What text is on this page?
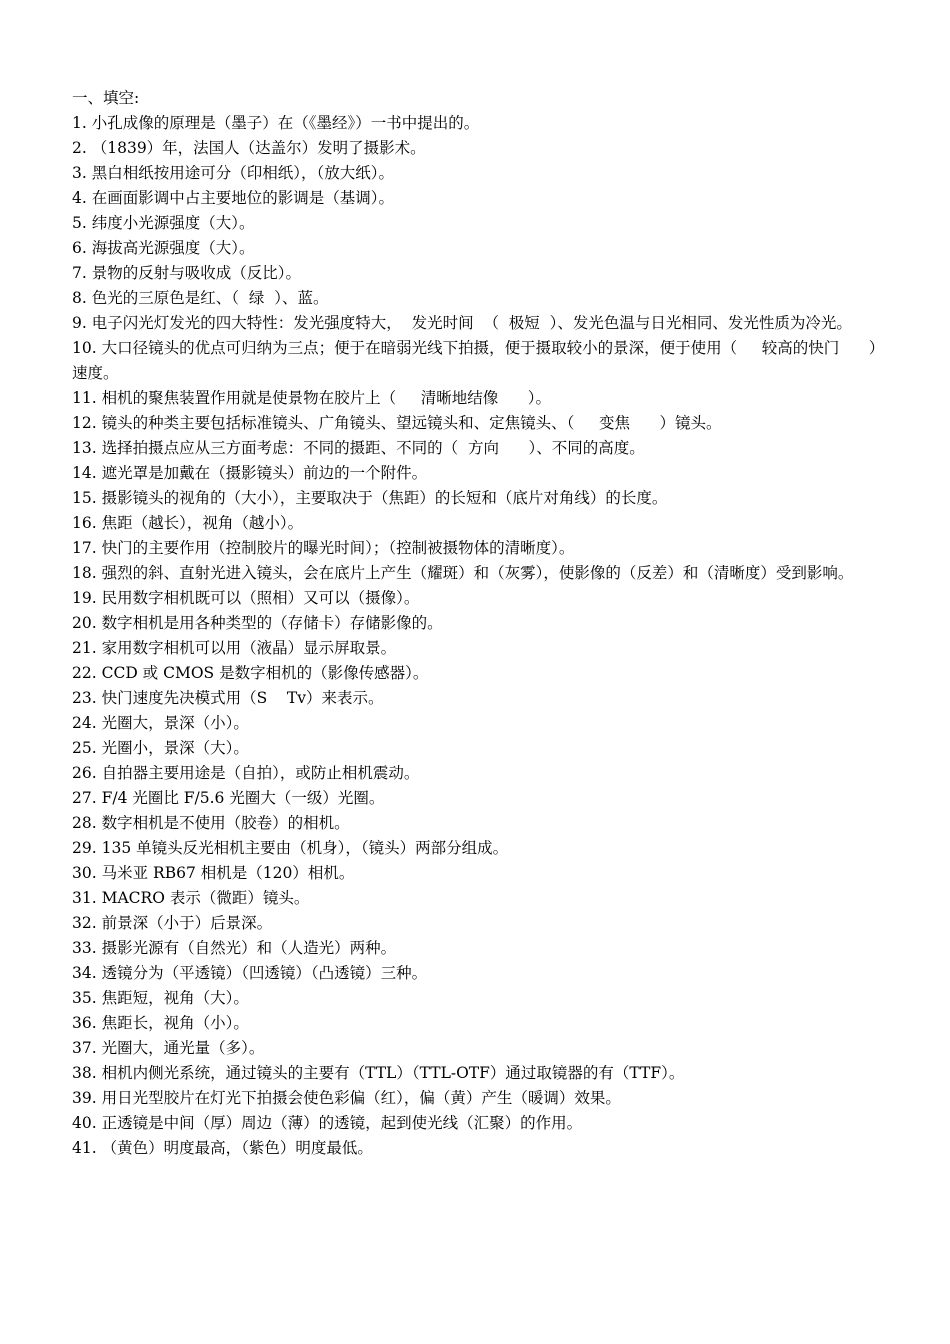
一、填空:
1. 小孔成像的原理是（墨子）在（《墨经》）一书中提出的。
2. （1839）年，法国人（达盖尔）发明了摄影术。
3. 黑白相纸按用途可分（印相纸），（放大纸）。
4. 在画面影调中占主要地位的影调是（基调）。
5. 纬度小光源强度（大）。
6. 海拔高光源强度（大）。
7. 景物的反射与吸收成（反比）。
8. 色光的三原色是红、（  绿  ）、蓝。
9. 电子闪光灯发光的四大特性：发光强度特大，  发光时间  （  极短  ）、发光色温与日光相同、发光性质为冷光。
10. 大口径镜头的优点可归纳为三点；便于在暗弱光线下拍摄，便于摄取较小的景深，便于使用（     较高的快门      ）速度。
11. 相机的聚焦装置作用就是使景物在胶片上（     清晰地结像      ）。
12. 镜头的种类主要包括标准镜头、广角镜头、望远镜头和、定焦镜头、（     变焦      ）镜头。
13. 选择拍摄点应从三方面考虑：不同的摄距、不同的（  方向      ）、不同的高度。
14. 遮光罩是加戴在（摄影镜头）前边的一个附件。
15. 摄影镜头的视角的（大小），主要取决于（焦距）的长短和（底片对角线）的长度。
16. 焦距（越长），视角（越小）。
17. 快门的主要作用（控制胶片的曝光时间）；（控制被摄物体的清晰度）。
18. 强烈的斜、直射光进入镜头，会在底片上产生（耀斑）和（灰雾），使影像的（反差）和（清晰度）受到影响。
19. 民用数字相机既可以（照相）又可以（摄像）。
20. 数字相机是用各种类型的（存储卡）存储影像的。
21. 家用数字相机可以用（液晶）显示屏取景。
22. CCD 或 CMOS 是数字相机的（影像传感器）。
23. 快门速度先决模式用（S    Tv）来表示。
24. 光圈大，景深（小）。
25. 光圈小，景深（大）。
26. 自拍器主要用途是（自拍），或防止相机震动。
27. F/4 光圈比 F/5.6 光圈大（一级）光圈。
28. 数字相机是不使用（胶卷）的相机。
29. 135 单镜头反光相机主要由（机身），（镜头）两部分组成。
30. 马米亚 RB67 相机是（120）相机。
31. MACRO 表示（微距）镜头。
32. 前景深（小于）后景深。
33. 摄影光源有（自然光）和（人造光）两种。
34. 透镜分为（平透镜）（凹透镜）（凸透镜）三种。
35. 焦距短，视角（大）。
36. 焦距长，视角（小）。
37. 光圈大，通光量（多）。
38. 相机内侧光系统，通过镜头的主要有（TTL）（TTL-OTF）通过取镜器的有（TTF）。
39. 用日光型胶片在灯光下拍摄会使色彩偏（红），偏（黄）产生（暖调）效果。
40. 正透镜是中间（厚）周边（薄）的透镜，起到使光线（汇聚）的作用。
41. （黄色）明度最高，（紫色）明度最低。
